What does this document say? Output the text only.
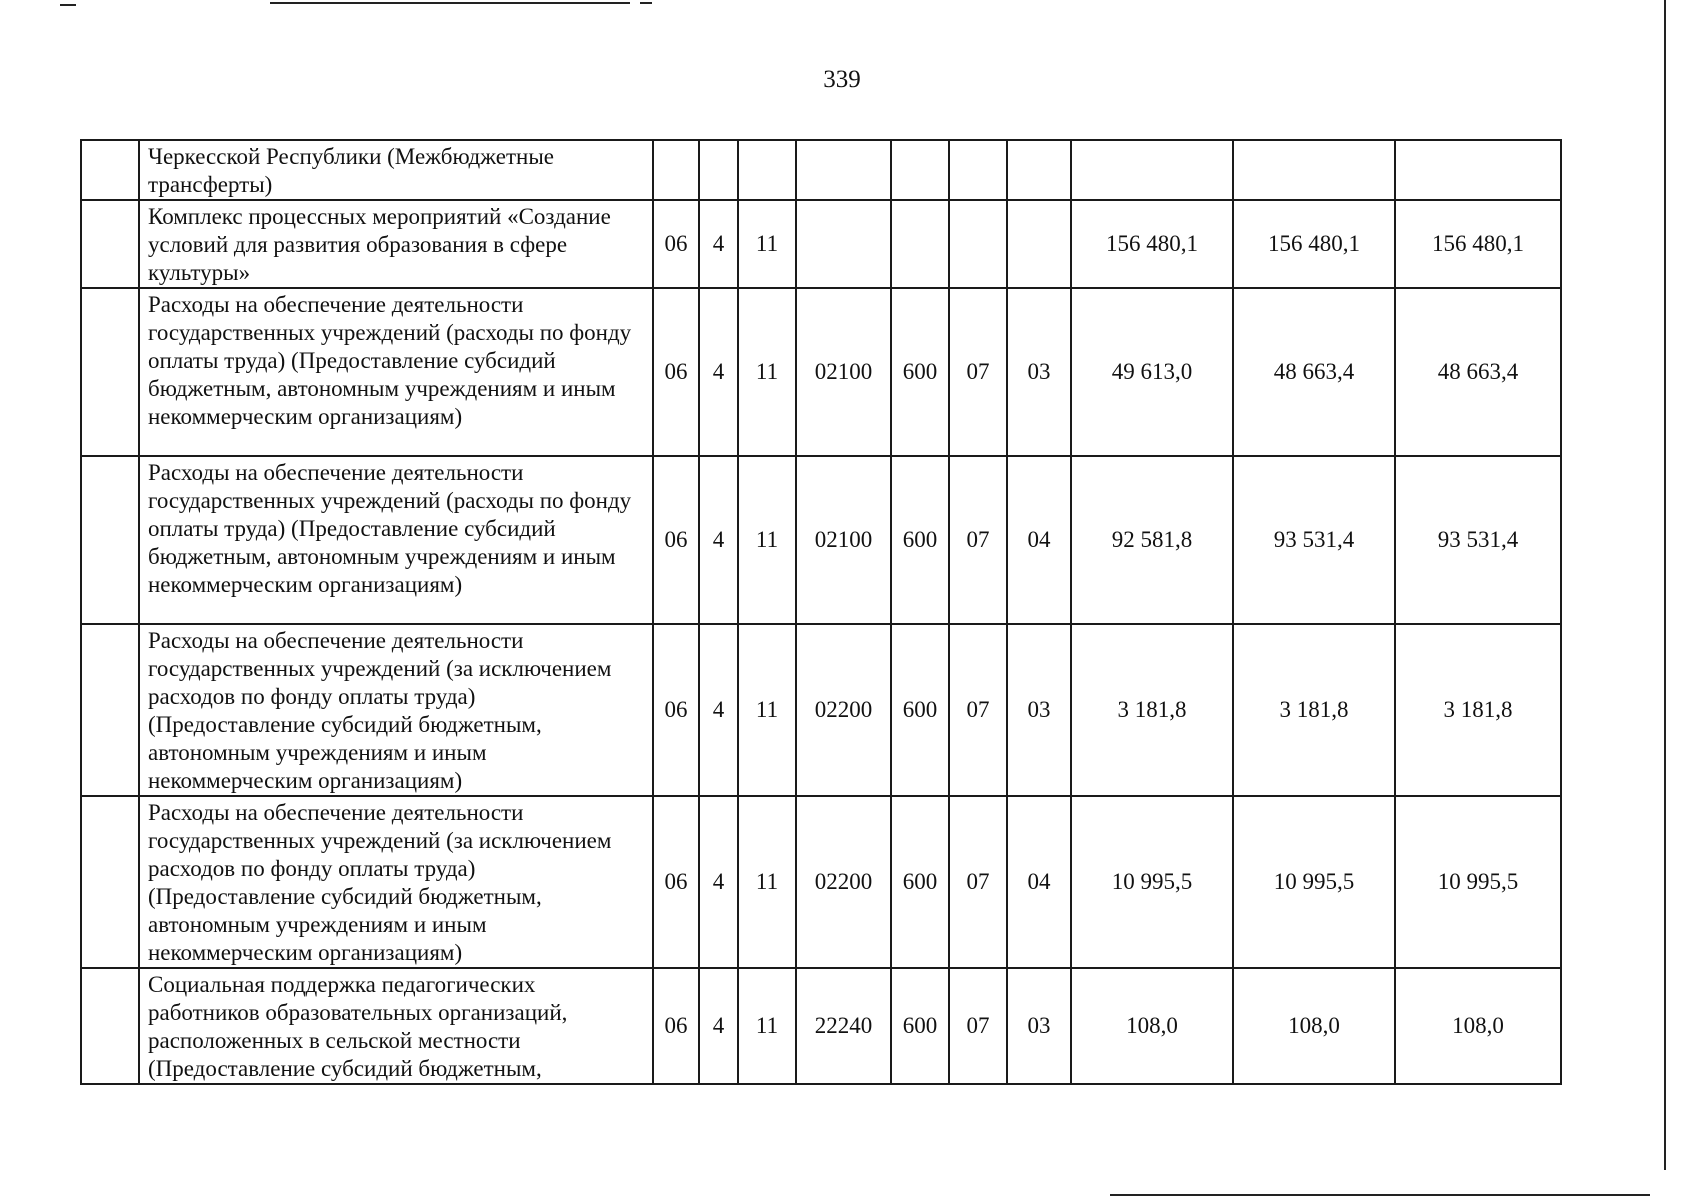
339
	Черкесской Республики (Межбюджетные трансферты)										
	Комплекс процессных мероприятий «Создание условий для развития образования в сфере культуры»	06	4	11					156 480,1	156 480,1	156 480,1
	Расходы на обеспечение деятельности государственных учреждений (расходы по фонду оплаты труда) (Предоставление субсидий бюджетным, автономным учреждениям и иным некоммерческим организациям)	06	4	11	02100	600	07	03	49 613,0	48 663,4	48 663,4
	Расходы на обеспечение деятельности государственных учреждений (расходы по фонду оплаты труда) (Предоставление субсидий бюджетным, автономным учреждениям и иным некоммерческим организациям)	06	4	11	02100	600	07	04	92 581,8	93 531,4	93 531,4
	Расходы на обеспечение деятельности государственных учреждений (за исключением расходов по фонду оплаты труда) (Предоставление субсидий бюджетным, автономным учреждениям и иным некоммерческим организациям)	06	4	11	02200	600	07	03	3 181,8	3 181,8	3 181,8
	Расходы на обеспечение деятельности государственных учреждений (за исключением расходов по фонду оплаты труда) (Предоставление субсидий бюджетным, автономным учреждениям и иным некоммерческим организациям)	06	4	11	02200	600	07	04	10 995,5	10 995,5	10 995,5
	Социальная поддержка педагогических работников образовательных организаций, расположенных в сельской местности (Предоставление субсидий бюджетным,	06	4	11	22240	600	07	03	108,0	108,0	108,0
